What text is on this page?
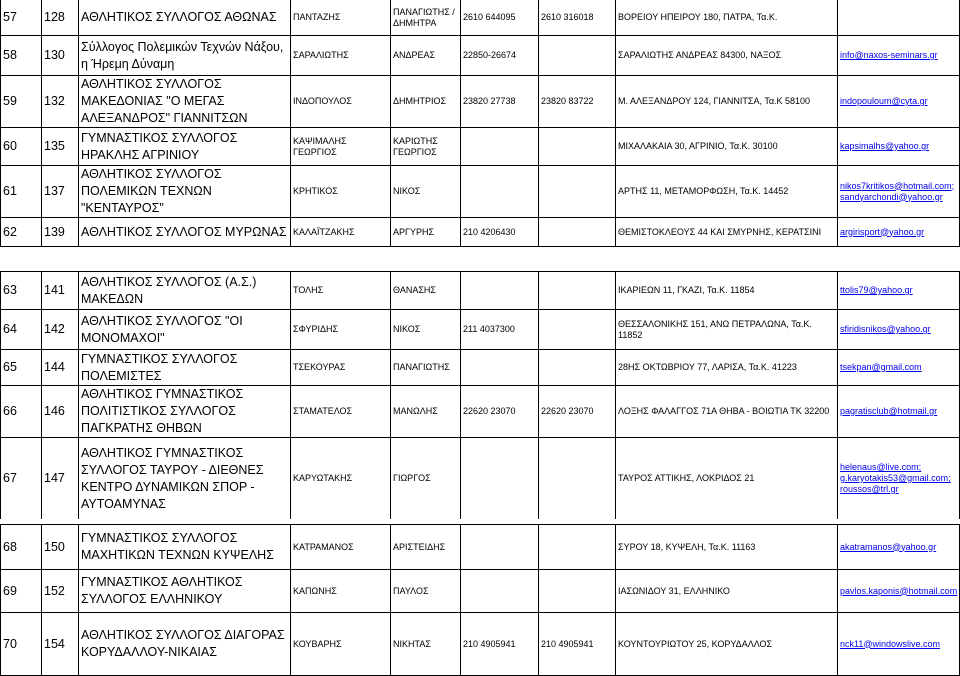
57	128	ΑΘΛΗΤΙΚΟΣ ΣΥΛΛΟΓΟΣ ΑΘΩΝΑΣ	ΠΑΝΤΑΖΗΣ	ΠΑΝΑΓΙΩΤΗΣ / ΔΗΜΗΤΡΑ	2610 644095	2610 316018	ΒΟΡΕΙΟΥ ΗΠΕΙΡΟΥ 180, ΠΑΤΡΑ, Τα.Κ.	
58	130	Σύλλογος Πολεμικών Τεχνών Νάξου, η Ήρεμη Δύναμη	ΣΑΡΑΛΙΩΤΗΣ	ΑΝΔΡΕΑΣ	22850-26674		ΣΑΡΑΛΙΩΤΗΣ ΑΝΔΡΕΑΣ 84300, ΝΑΞΟΣ	info@naxos-seminars.gr
59	132	ΑΘΛΗΤΙΚΟΣ ΣΥΛΛΟΓΟΣ ΜΑΚΕΔΟΝΙΑΣ "Ο ΜΕΓΑΣ ΑΛΕΞΑΝΔΡΟΣ" ΓΙΑΝΝΙΤΣΩΝ	ΙΝΔΟΠΟΥΛΟΣ	ΔΗΜΗΤΡΙΟΣ	23820 27738	23820 83722	Μ. ΑΛΕΞΑΝΔΡΟΥ 124, ΓΙΑΝΝΙΤΣΑ, Τα.Κ 58100	indopouloum@cyta.gr
60	135	ΓΥΜΝΑΣΤΙΚΟΣ ΣΥΛΛΟΓΟΣ ΗΡΑΚΛΗΣ ΑΓΡΙΝΙΟΥ	ΚΑΨΙΜΑΛΗΣ ΓΕΩΡΓΙΟΣ	ΚΑΡΙΩΤΗΣ ΓΕΩΡΓΙΟΣ			ΜΙΧΑΛΑΚΑΙΑ 30, ΑΓΡΙΝΙΟ, Τα.Κ. 30100	kapsimalhs@yahoo.gr
61	137	ΑΘΛΗΤΙΚΟΣ ΣΥΛΛΟΓΟΣ ΠΟΛΕΜΙΚΩΝ ΤΕΧΝΩΝ "ΚΕΝΤΑΥΡΟΣ"	ΚΡΗΤΙΚΟΣ	ΝΙΚΟΣ			ΑΡΤΗΣ 11, ΜΕΤΑΜΟΡΦΩΣΗ, Τα.Κ. 14452	nikos7kritikos@hotmail.com; sandyarchondi@yahoo.gr
62	139	ΑΘΛΗΤΙΚΟΣ ΣΥΛΛΟΓΟΣ ΜΥΡΩΝΑΣ	ΚΑΛΑΪΤΖΑΚΗΣ	ΑΡΓΥΡΗΣ	210 4206430		ΘΕΜΙΣΤΟΚΛΕΟΥΣ 44 ΚΑΙ ΣΜΥΡΝΗΣ, ΚΕΡΑΤΣΙΝΙ	argirisport@yahoo.gr
63	141	ΑΘΛΗΤΙΚΟΣ ΣΥΛΛΟΓΟΣ (Α.Σ.) ΜΑΚΕΔΩΝ	ΤΟΛΗΣ	ΘΑΝΑΣΗΣ			ΙΚΑΡΙΕΩΝ 11, ΓΚΑΖΙ, Τα.Κ. 11854	ttolis79@yahoo.gr
64	142	ΑΘΛΗΤΙΚΟΣ ΣΥΛΛΟΓΟΣ "ΟΙ ΜΟΝΟΜΑΧΟΙ"	ΣΦΥΡΙΔΗΣ	ΝΙΚΟΣ	211 4037300		ΘΕΣΣΑΛΟΝΙΚΗΣ 151, ΑΝΩ ΠΕΤΡΑΛΩΝΑ, Τα.Κ. 11852	sfiridisnikos@yahoo.gr
65	144	ΓΥΜΝΑΣΤΙΚΟΣ ΣΥΛΛΟΓΟΣ ΠΟΛΕΜΙΣΤΕΣ	ΤΣΕΚΟΥΡΑΣ	ΠΑΝΑΓΙΩΤΗΣ			28ΗΣ ΟΚΤΩΒΡΙΟΥ 77, ΛΑΡΙΣΑ, Τα.Κ. 41223	tsekpan@gmail.com
66	146	ΑΘΛΗΤΙΚΟΣ ΓΥΜΝΑΣΤΙΚΟΣ ΠΟΛΙΤΙΣΤΙΚΟΣ ΣΥΛΛΟΓΟΣ ΠΑΓΚΡΑΤΗΣ ΘΗΒΩΝ	ΣΤΑΜΑΤΕΛΟΣ	ΜΑΝΩΛΗΣ	22620 23070	22620 23070	ΛΟΞΗΣ ΦΑΛΑΓΓΟΣ 71Α ΘΗΒΑ - ΒΟΙΩΤΙΑ ΤΚ 32200	pagratisclub@hotmail.gr
67	147	ΑΘΛΗΤΙΚΟΣ ΓΥΜΝΑΣΤΙΚΟΣ ΣΥΛΛΟΓΟΣ ΤΑΥΡΟΥ - ΔΙΕΘΝΕΣ ΚΕΝΤΡΟ ΔΥΝΑΜΙΚΩΝ ΣΠΟΡ - ΑΥΤΟΑΜΥΝΑΣ	ΚΑΡΥΩΤΑΚΗΣ	ΓΙΩΡΓΟΣ			ΤΑΥΡΟΣ ΑΤΤΙΚΗΣ, ΛΟΚΡΙΔΟΣ 21	helenaus@live.com; g.karyotakis53@gmail.com; roussos@trl.gr
68	150	ΓΥΜΝΑΣΤΙΚΟΣ ΣΥΛΛΟΓΟΣ ΜΑΧΗΤΙΚΩΝ ΤΕΧΝΩΝ ΚΥΨΕΛΗΣ	ΚΑΤΡΑΜΑΝΟΣ	ΑΡΙΣΤΕΙΔΗΣ			ΣΥΡΟΥ 18, ΚΥΨΕΛΗ, Τα.Κ. 11163	akatramanos@yahoo.gr
69	152	ΓΥΜΝΑΣΤΙΚΟΣ ΑΘΛΗΤΙΚΟΣ ΣΥΛΛΟΓΟΣ ΕΛΛΗΝΙΚΟΥ	ΚΑΠΩΝΗΣ	ΠΑΥΛΟΣ			ΙΑΣΩΝΙΔΟΥ 31, ΕΛΛΗΝΙΚΟ	pavlos.kaponis@hotmail.com
70	154	ΑΘΛΗΤΙΚΟΣ ΣΥΛΛΟΓΟΣ ΔΙΑΓΟΡΑΣ ΚΟΡΥΔΑΛΛΟΥ-ΝΙΚΑΙΑΣ	ΚΟΥΒΑΡΗΣ	ΝΙΚΗΤΑΣ	210 4905941	210 4905941	ΚΟΥΝΤΟΥΡΙΩΤΟΥ 25, ΚΟΡΥΔΑΛΛΟΣ	nck11@windowslive.com
